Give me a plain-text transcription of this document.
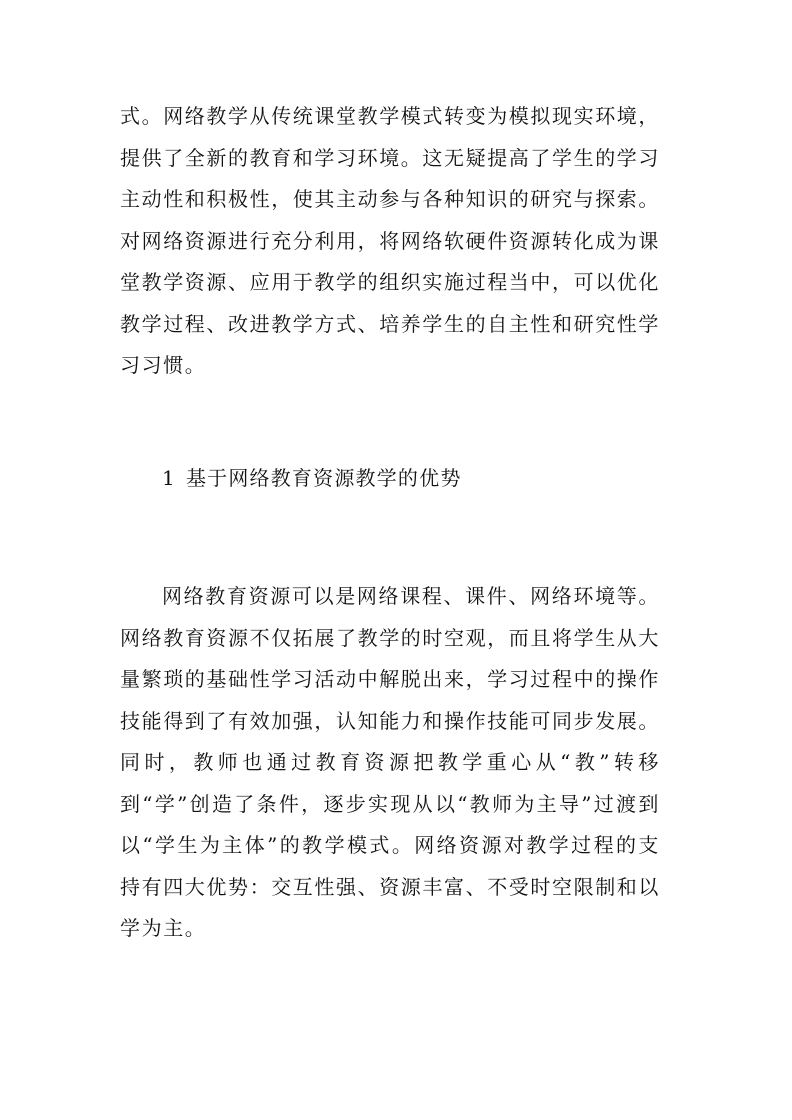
式。网络教学从传统课堂教学模式转变为模拟现实环境，提供了全新的教育和学习环境。这无疑提高了学生的学习主动性和积极性，使其主动参与各种知识的研究与探索。对网络资源进行充分利用，将网络软硬件资源转化成为课堂教学资源、应用于教学的组织实施过程当中，可以优化教学过程、改进教学方式、培养学生的自主性和研究性学习习惯。

1 基于网络教育资源教学的优势

网络教育资源可以是网络课程、课件、网络环境等。网络教育资源不仅拓展了教学的时空观，而且将学生从大量繁琐的基础性学习活动中解脱出来，学习过程中的操作技能得到了有效加强，认知能力和操作技能可同步发展。同时，教师也通过教育资源把教学重心从“教”转移到“学”创造了条件，逐步实现从以“教师为主导”过渡到以“学生为主体”的教学模式。网络资源对教学过程的支持有四大优势：交互性强、资源丰富、不受时空限制和以学为主。
